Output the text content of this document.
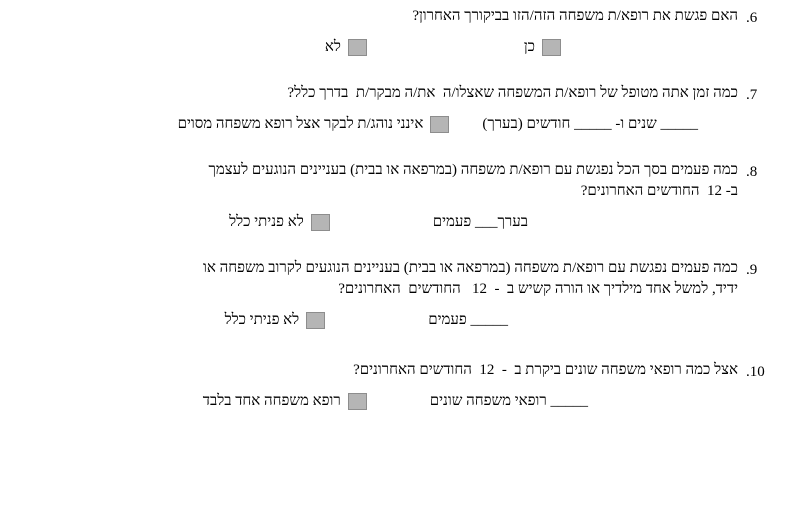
6.
האם פגשת את רופא/ת משפחה הזה/הזו בביקורך האחרון?
כן
לא
7.
כמה זמן אתה מטופל של רופא/ת המשפחה שאצלו/ה  את/ה מבקר/ת  בדרך כלל?
_____ שנים ו- _____ חודשים (בערך)
אינני נוהג/ת לבקר אצל רופא משפחה מסוים
8.
כמה פעמים בסך הכל נפגשת עם רופא/ת משפחה (במרפאה או בבית) בעניינים הנוגעים לעצמך
ב- 12  החודשים האחרונים?
בערך___ פעמים
לא פניתי כלל
9.
כמה פעמים נפגשת עם רופא/ת משפחה (במרפאה או בבית) בעניינים הנוגעים לקרוב משפחה או
ידיד, למשל אחד מילדיך או הורה קשיש ב  -  12   החודשים  האחרונים?
_____ פעמים
לא פניתי כלל
10.
אצל כמה רופאי משפחה שונים ביקרת ב  -  12  החודשים האחרונים?
_____ רופאי משפחה שונים
רופא משפחה אחד בלבד
